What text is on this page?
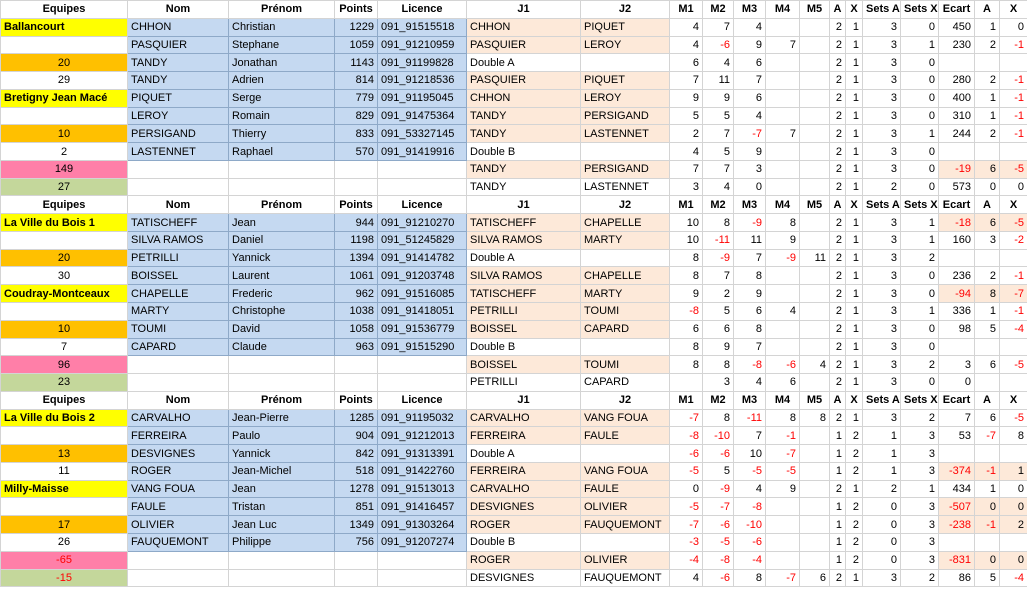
Equipes	Nom	Prénom	Points	Licence	J1	J2	M1	M2	M3	M4	M5	A	X	Sets A	Sets X	Ecart	A	X
Ballancourt	CHHON	Christian	1229	091_91515518	CHHON	PIQUET	4	7	4			2	1	3	0	450	1	0
	PASQUIER	Stephane	1059	091_91210959	PASQUIER	LEROY	4	-6	9	7		2	1	3	1	230	2	-1
20	TANDY	Jonathan	1143	091_91199828	Double A		6	4	6			2	1	3	0			
29	TANDY	Adrien	814	091_91218536	PASQUIER	PIQUET	7	11	7			2	1	3	0	280	2	-1
Bretigny Jean Macé	PIQUET	Serge	779	091_91195045	CHHON	LEROY	9	9	6			2	1	3	0	400	1	-1
	LEROY	Romain	829	091_91475364	TANDY	PERSIGAND	5	5	4			2	1	3	0	310	1	-1
10	PERSIGAND	Thierry	833	091_53327145	TANDY	LASTENNET	2	7	-7	7		2	1	3	1	244	2	-1
2	LASTENNET	Raphael	570	091_91419916	Double B		4	5	9			2	1	3	0			
149					TANDY	PERSIGAND	7	7	3			2	1	3	0	-19	6	-5
27					TANDY	LASTENNET	3	4	0			2	1	2	0	573	0	0
Equipes	Nom	Prénom	Points	Licence	J1	J2	M1	M2	M3	M4	M5	A	X	Sets A	Sets X	Ecart	A	X
La Ville du Bois 1	TATISCHEFF	Jean	944	091_91210270	TATISCHEFF	CHAPELLE	10	8	-9	8		2	1	3	1	-18	6	-5
	SILVA RAMOS	Daniel	1198	091_51245829	SILVA RAMOS	MARTY	10	-11	11	9		2	1	3	1	160	3	-2
20	PETRILLI	Yannick	1394	091_91414782	Double A		8	-9	7	-9	11	2	1	3	2			
30	BOISSEL	Laurent	1061	091_91203748	SILVA RAMOS	CHAPELLE	8	7	8			2	1	3	0	236	2	-1
Coudray-Montceaux	CHAPELLE	Frederic	962	091_91516085	TATISCHEFF	MARTY	9	2	9			2	1	3	0	-94	8	-7
	MARTY	Christophe	1038	091_91418051	PETRILLI	TOUMI	-8	5	6	4		2	1	3	1	336	1	-1
10	TOUMI	David	1058	091_91536779	BOISSEL	CAPARD	6	6	8			2	1	3	0	98	5	-4
7	CAPARD	Claude	963	091_91515290	Double B		8	9	7			2	1	3	0			
96					BOISSEL	TOUMI	8	8	-8	-6	4	2	1	3	2	3	6	-5
23					PETRILLI	CAPARD		3	4	6		2	1	3	0	0		
Equipes	Nom	Prénom	Points	Licence	J1	J2	M1	M2	M3	M4	M5	A	X	Sets A	Sets X	Ecart	A	X
La Ville du Bois 2	CARVALHO	Jean-Pierre	1285	091_91195032	CARVALHO	VANG FOUA	-7	8	-11	8	8	2	1	3	2	7	6	-5
	FERREIRA	Paulo	904	091_91212013	FERREIRA	FAULE	-8	-10	7	-1		1	2	1	3	53	-7	8
13	DESVIGNES	Yannick	842	091_91313391	Double A		-6	-6	10	-7		1	2	1	3			
11	ROGER	Jean-Michel	518	091_91422760	FERREIRA	VANG FOUA	-5	5	-5	-5		1	2	1	3	-374	-1	1
Milly-Maisse	VANG FOUA	Jean	1278	091_91513013	CARVALHO	FAULE	0	-9	4	9		2	1	2	1	434	1	0
	FAULE	Tristan	851	091_91416457	DESVIGNES	OLIVIER	-5	-7	-8			1	2	0	3	-507	0	0
17	OLIVIER	Jean Luc	1349	091_91303264	ROGER	FAUQUEMONT	-7	-6	-10			1	2	0	3	-238	-1	2
26	FAUQUEMONT	Philippe	756	091_91207274	Double B		-3	-5	-6			1	2	0	3			
-65					ROGER	OLIVIER	-4	-8	-4			1	2	0	3	-831	0	0
-15					DESVIGNES	FAUQUEMONT	4	-6	8	-7	6	2	1	3	2	86	5	-4
